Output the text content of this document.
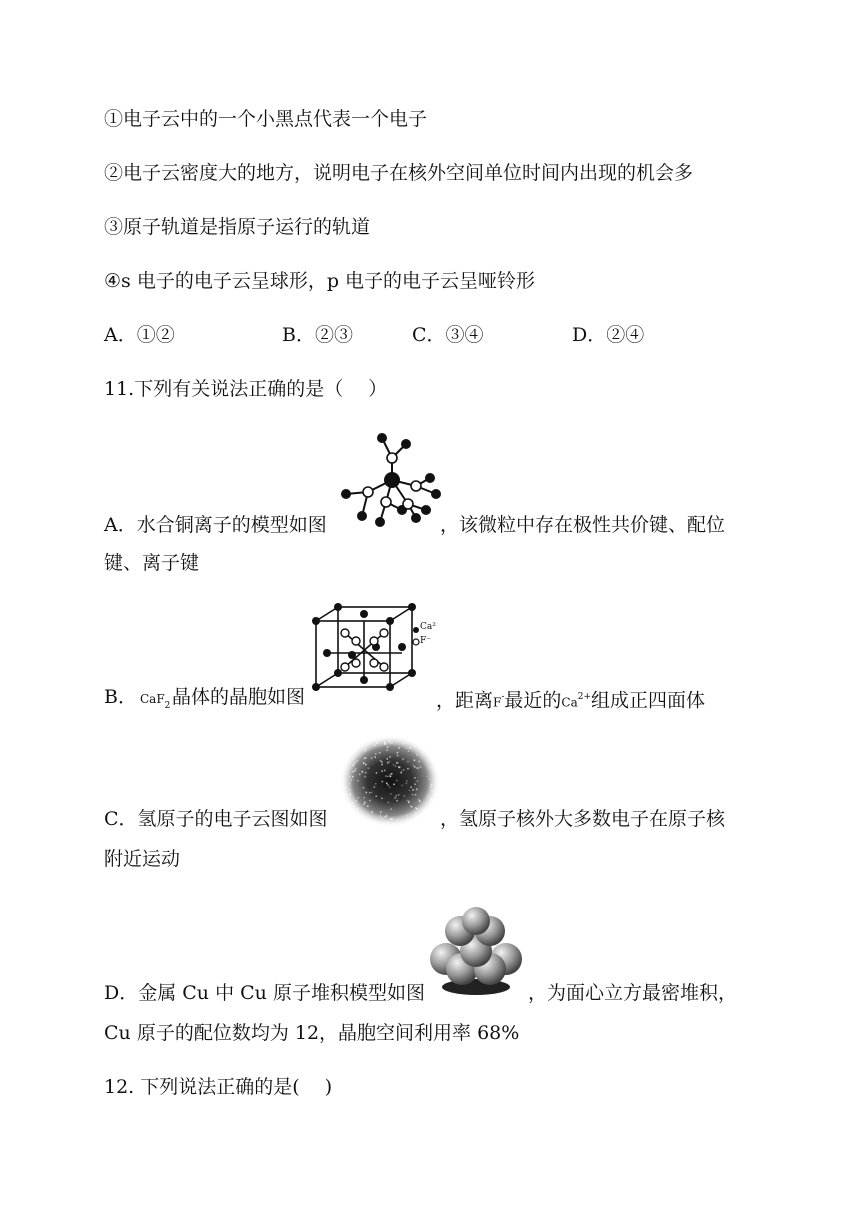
①电子云中的一个小黑点代表一个电子
②电子云密度大的地方，说明电子在核外空间单位时间内出现的机会多
③原子轨道是指原子运行的轨道
④s 电子的电子云呈球形，p 电子的电子云呈哑铃形
A．①②	B．②③	C．③④	D．②④
11.下列有关说法正确的是（　 ）
A．水合铜离子的模型如图	，该微粒中存在极性共价键、配位
键、离子键
Ca²
F⁻
B． CaF$_2$ 晶体的晶胞如图	，距离F-最近的$Ca^{2+}$组成正四面体
C．氢原子的电子云图如图	，氢原子核外大多数电子在原子核
附近运动
D．金属 Cu 中 Cu 原子堆积模型如图	，为面心立方最密堆积，
Cu 原子的配位数均为 12，晶胞空间利用率 68%
12. 下列说法正确的是(　 )
